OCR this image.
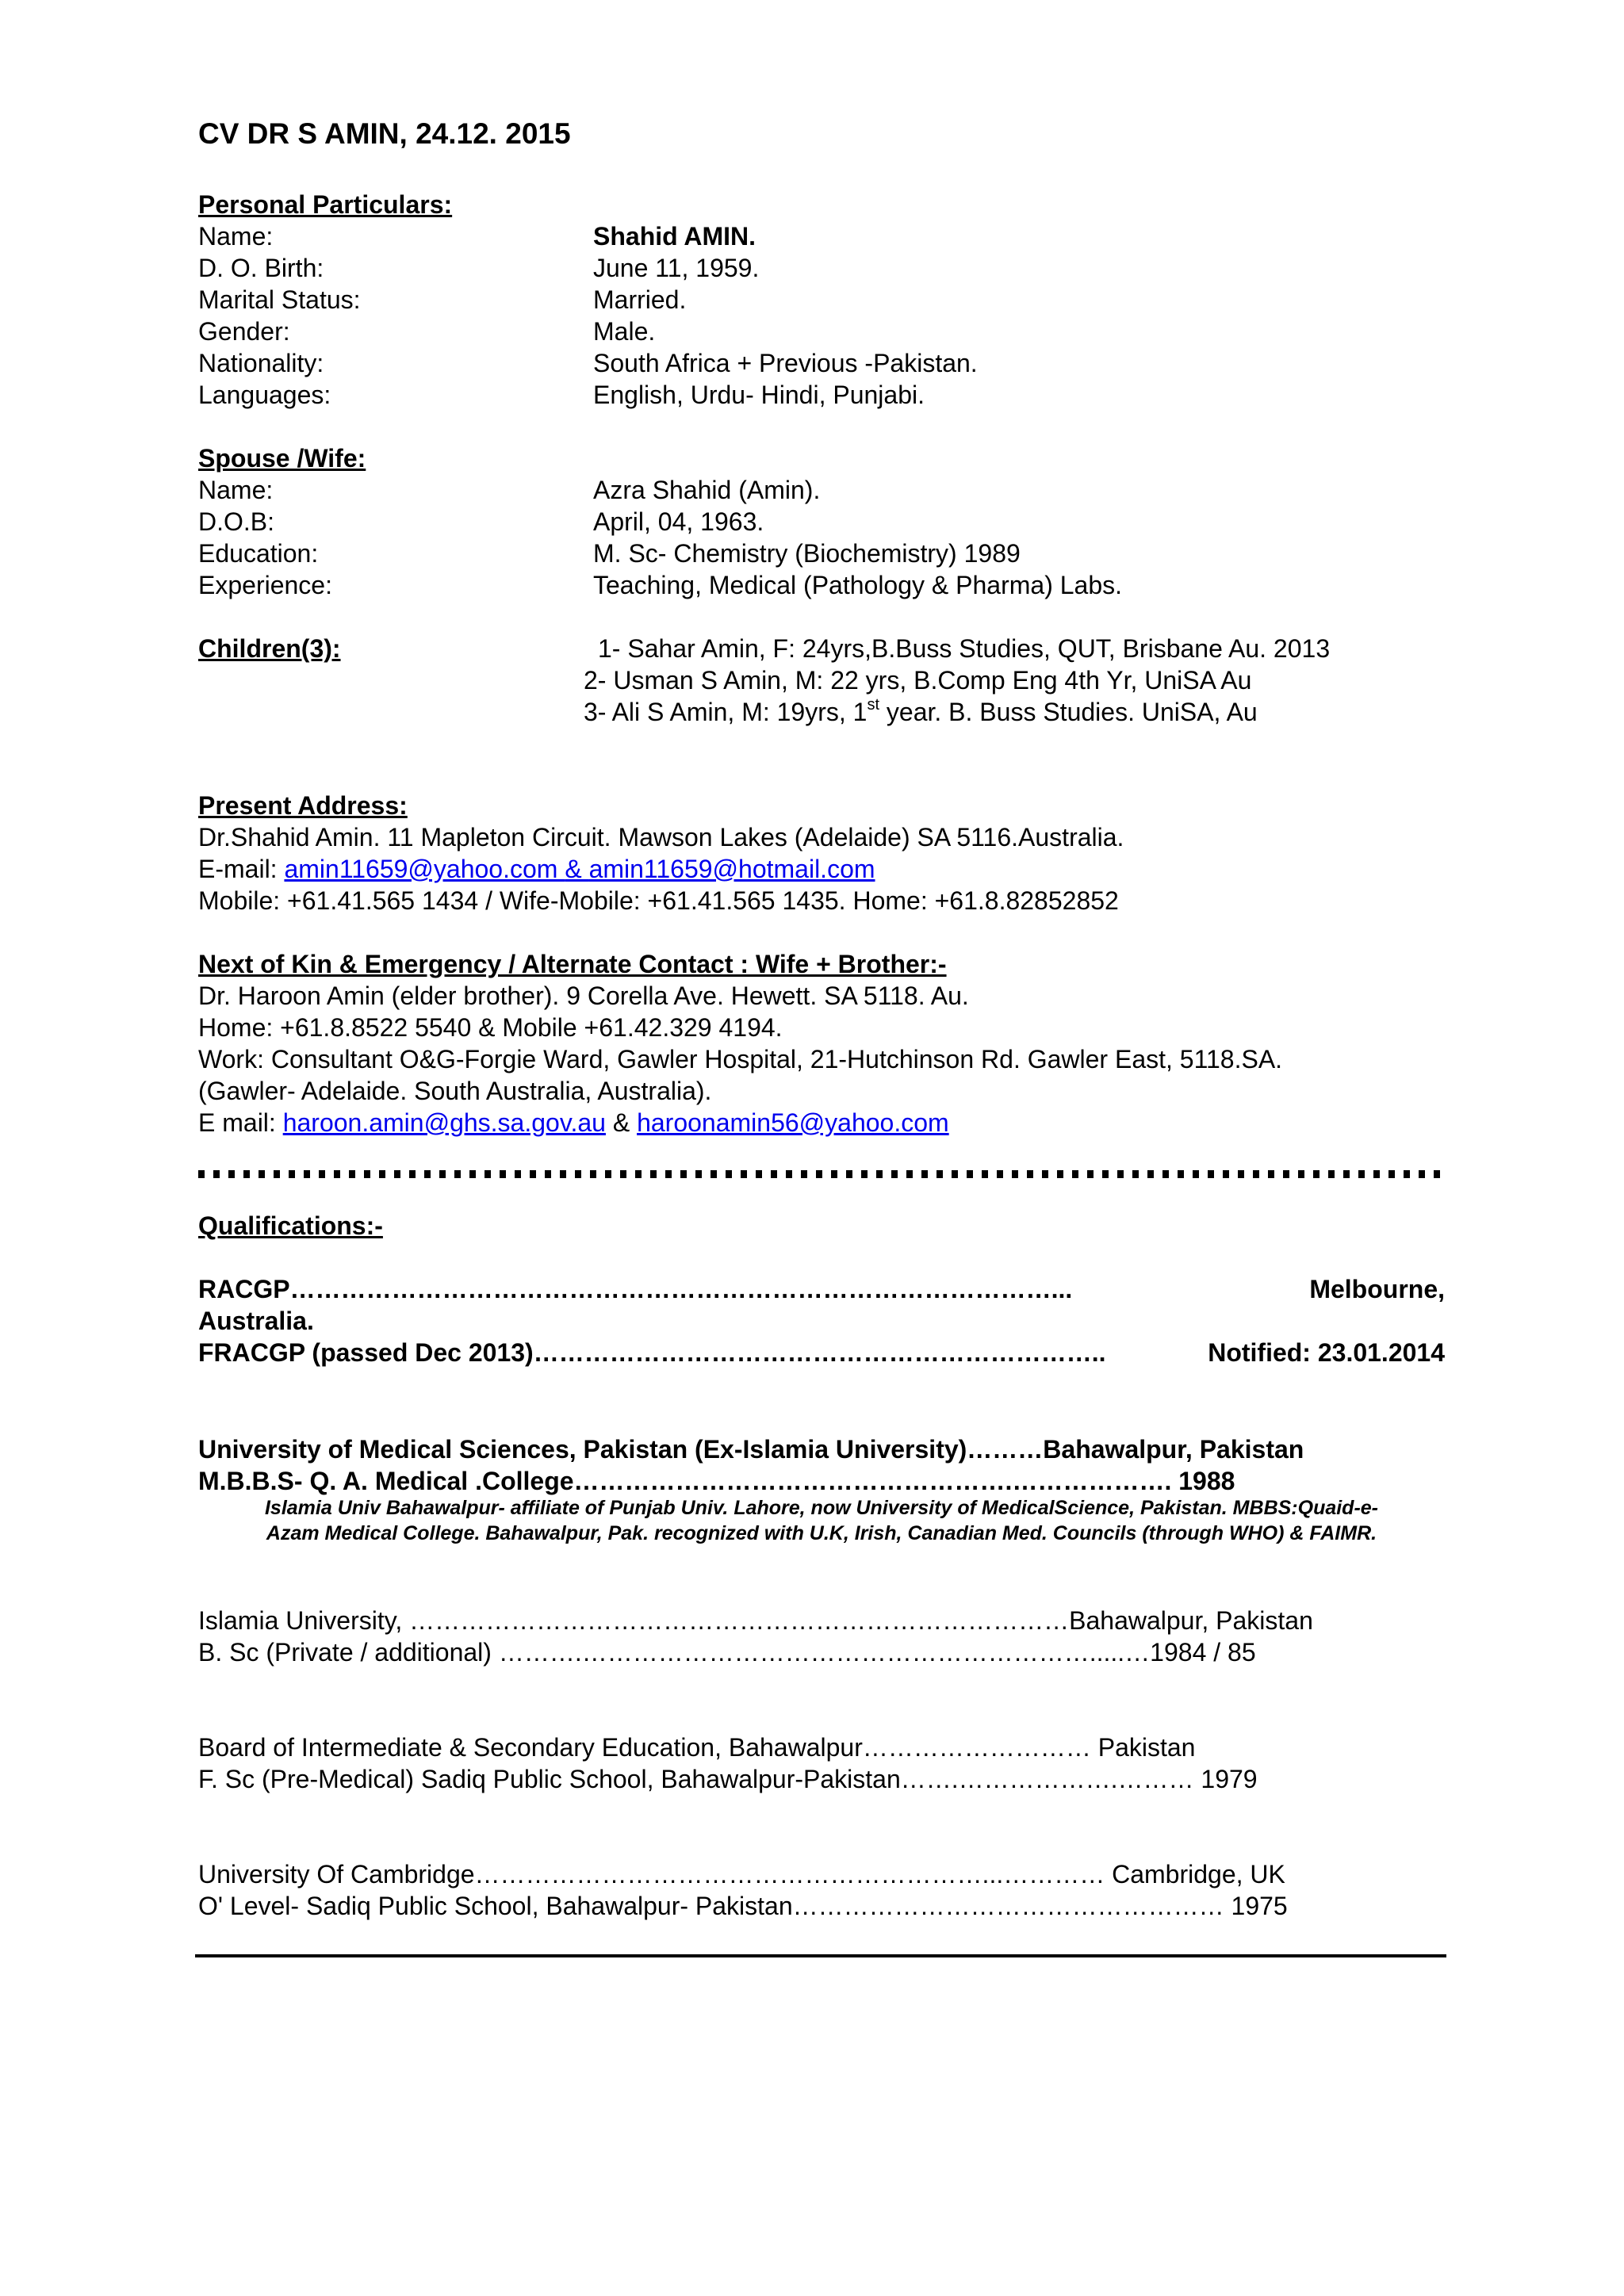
CV DR S AMIN, 24.12. 2015
Personal Particulars:
Name:	Shahid AMIN.
D. O. Birth:	June 11, 1959.
Marital Status:	Married.
Gender:	Male.
Nationality:	South Africa + Previous -Pakistan.
Languages:	English, Urdu- Hindi, Punjabi.
Spouse /Wife:
Name:	Azra Shahid (Amin).
D.O.B:	April, 04, 1963.
Education:	M. Sc- Chemistry (Biochemistry) 1989
Experience:	Teaching, Medical (Pathology & Pharma) Labs.
Children(3):	1- Sahar Amin, F: 24yrs,B.Buss Studies, QUT, Brisbane Au. 2013
2- Usman S Amin, M: 22 yrs, B.Comp Eng 4th Yr, UniSA Au
3- Ali S Amin, M: 19yrs, 1st year. B. Buss Studies. UniSA, Au
Present Address:
Dr.Shahid Amin. 11 Mapleton Circuit. Mawson Lakes (Adelaide) SA 5116.Australia.
E-mail: amin11659@yahoo.com & amin11659@hotmail.com
Mobile: +61.41.565 1434 / Wife-Mobile: +61.41.565 1435. Home: +61.8.82852852
Next of Kin & Emergency / Alternate Contact : Wife + Brother:-
Dr. Haroon Amin (elder brother). 9 Corella Ave. Hewett. SA 5118. Au.
Home: +61.8.8522 5540 & Mobile +61.42.329 4194.
Work: Consultant O&G-Forgie Ward, Gawler Hospital, 21-Hutchinson Rd. Gawler East, 5118.SA.
(Gawler- Adelaide. South Australia, Australia).
E mail: haroon.amin@ghs.sa.gov.au & haroonamin56@yahoo.com
Qualifications:-
RACGP………………………………………………………………………………...	Melbourne,
Australia.
FRACGP (passed Dec 2013)…………………………………………………………..	Notified: 23.01.2014
University of Medical Sciences, Pakistan (Ex-Islamia University)………Bahawalpur, Pakistan
M.B.B.S- Q. A. Medical .College…………………………………………….………………. 1988
Islamia Univ Bahawalpur- affiliate of Punjab Univ. Lahore, now University of MedicalScience, Pakistan. MBBS:Quaid-e-
Azam Medical College. Bahawalpur, Pak. recognized with U.K, Irish, Canadian Med. Councils (through WHO) & FAIMR.
Islamia University, ……………………………………………………………………Bahawalpur, Pakistan
B. Sc (Private / additional) ……….…………………………………………………….....…1984 / 85
Board of Intermediate & Secondary Education, Bahawalpur……………………… Pakistan
F. Sc (Pre-Medical) Sadiq Public School, Bahawalpur-Pakistan…….……………….……… 1979
University Of Cambridge……………………………………………………...………… Cambridge, UK
O' Level- Sadiq Public School, Bahawalpur- Pakistan…………………………………………… 1975
